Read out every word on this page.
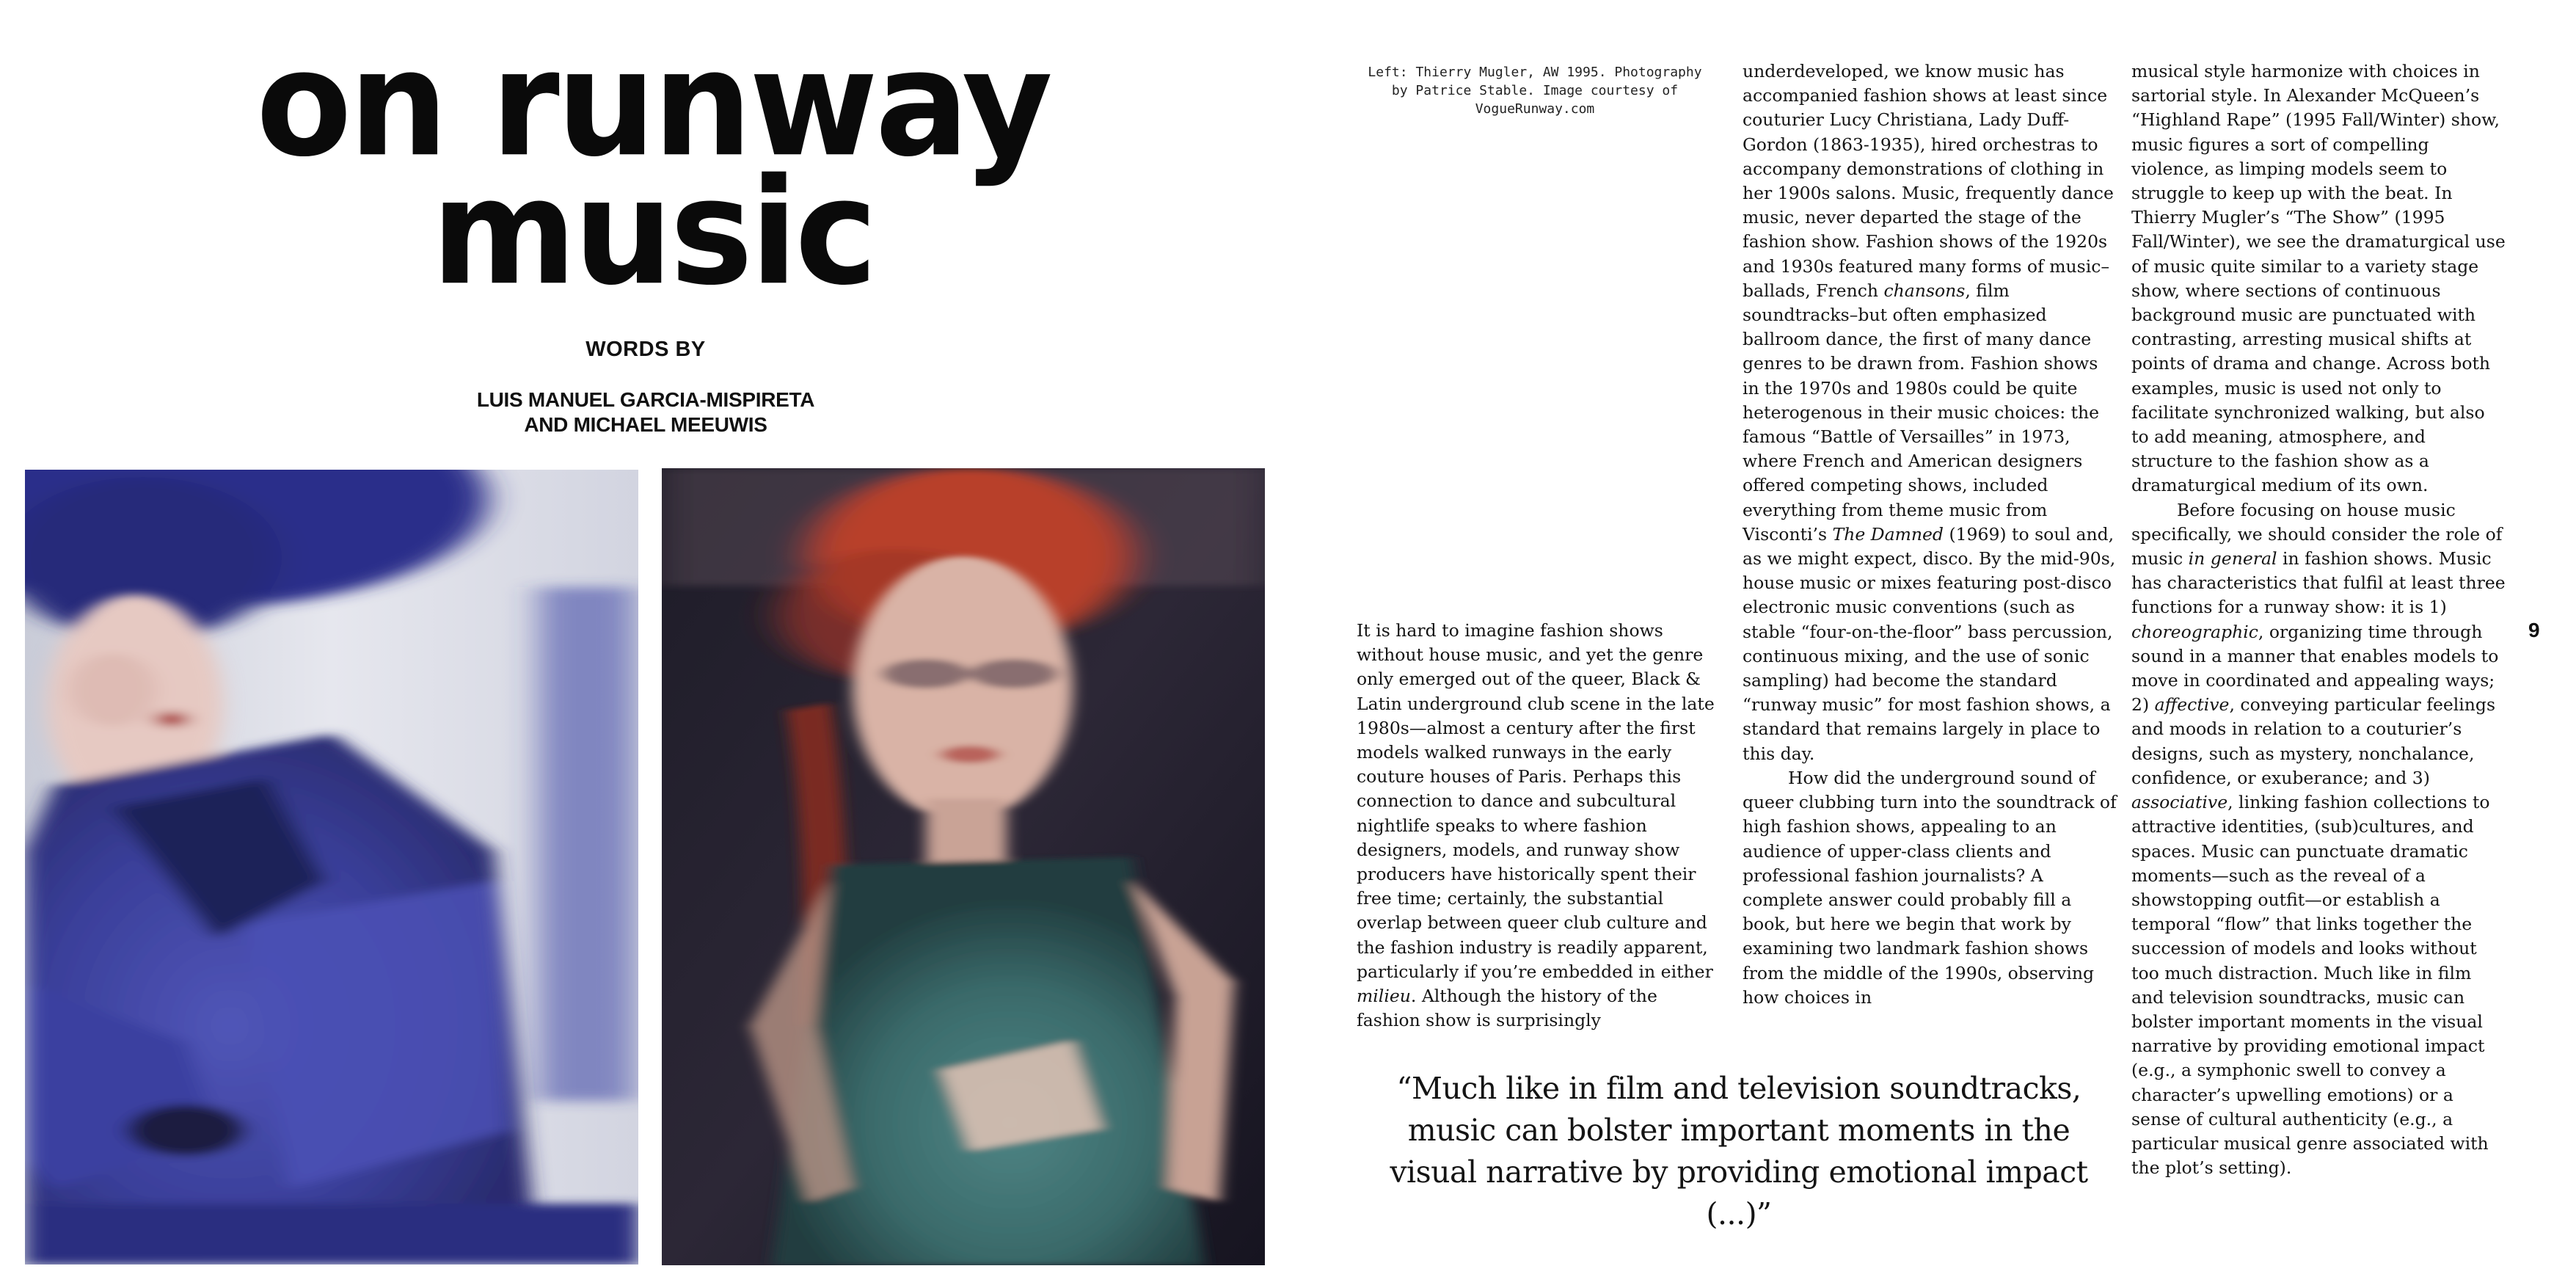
on runway
music
WORDS BY
LUIS MANUEL GARCIA-MISPIRETA
AND MICHAEL MEEUWIS
Left: Thierry Mugler, AW 1995. Photography
by Patrice Stable. Image courtesy of
VogueRunway.com

It is hard to imagine fashion shows without house music, and yet the genre only emerged out of the queer, Black & Latin underground club scene in the late 1980s—almost a century after the first models walked runways in the early couture houses of Paris. Perhaps this connection to dance and subcultural nightlife speaks to where fashion designers, models, and runway show producers have historically spent their free time; certainly, the substantial overlap between queer club culture and the fashion industry is readily apparent, particularly if you’re embedded in either milieu. Although the history of the fashion show is surprisingly

underdeveloped, we know music has accompanied fashion shows at least since couturier Lucy Christiana, Lady Duff-Gordon (1863-1935), hired orchestras to accompany demonstrations of clothing in her 1900s salons. Music, frequently dance music, never departed the stage of the fashion show. Fashion shows of the 1920s and 1930s featured many forms of music–ballads, French chansons, film soundtracks–but often emphasized ballroom dance, the first of many dance genres to be drawn from. Fashion shows in the 1970s and 1980s could be quite heterogenous in their music choices: the famous “Battle of Versailles” in 1973, where French and American designers offered competing shows, included everything from theme music from Visconti’s The Damned (1969) to soul and, as we might expect, disco. By the mid-90s, house music or mixes featuring post-disco electronic music conventions (such as stable “four-on-the-floor” bass percussion, continuous mixing, and the use of sonic sampling) had become the standard “runway music” for most fashion shows, a standard that remains largely in place to this day.

How did the underground sound of queer clubbing turn into the soundtrack of high fashion shows, appealing to an audience of upper-class clients and professional fashion journalists? A complete answer could probably fill a book, but here we begin that work by examining two landmark fashion shows from the middle of the 1990s, observing how choices in

musical style harmonize with choices in sartorial style. In Alexander McQueen’s “Highland Rape” (1995 Fall/Winter) show, music figures a sort of compelling violence, as limping models seem to struggle to keep up with the beat. In Thierry Mugler’s “The Show” (1995 Fall/Winter), we see the dramaturgical use of music quite similar to a variety stage show, where sections of continuous background music are punctuated with contrasting, arresting musical shifts at points of drama and change. Across both examples, music is used not only to facilitate synchronized walking, but also to add meaning, atmosphere, and structure to the fashion show as a dramaturgical medium of its own.

Before focusing on house music specifically, we should consider the role of music in general in fashion shows. Music has characteristics that fulfil at least three functions for a runway show: it is 1) choreographic, organizing time through sound in a manner that enables models to move in coordinated and appealing ways; 2) affective, conveying particular feelings and moods in relation to a couturier’s designs, such as mystery, nonchalance, confidence, or exuberance; and 3) associative, linking fashion collections to attractive identities, (sub)cultures, and spaces. Music can punctuate dramatic moments—such as the reveal of a showstopping outfit—or establish a temporal “flow” that links together the succession of models and looks without too much distraction. Much like in film and television soundtracks, music can bolster important moments in the visual narrative by providing emotional impact (e.g., a symphonic swell to convey a character’s upwelling emotions) or a sense of cultural authenticity (e.g., a particular musical genre associated with the plot’s setting).

“Much like in film and television soundtracks, music can bolster important moments in the visual narrative by providing emotional impact (...)”
9
